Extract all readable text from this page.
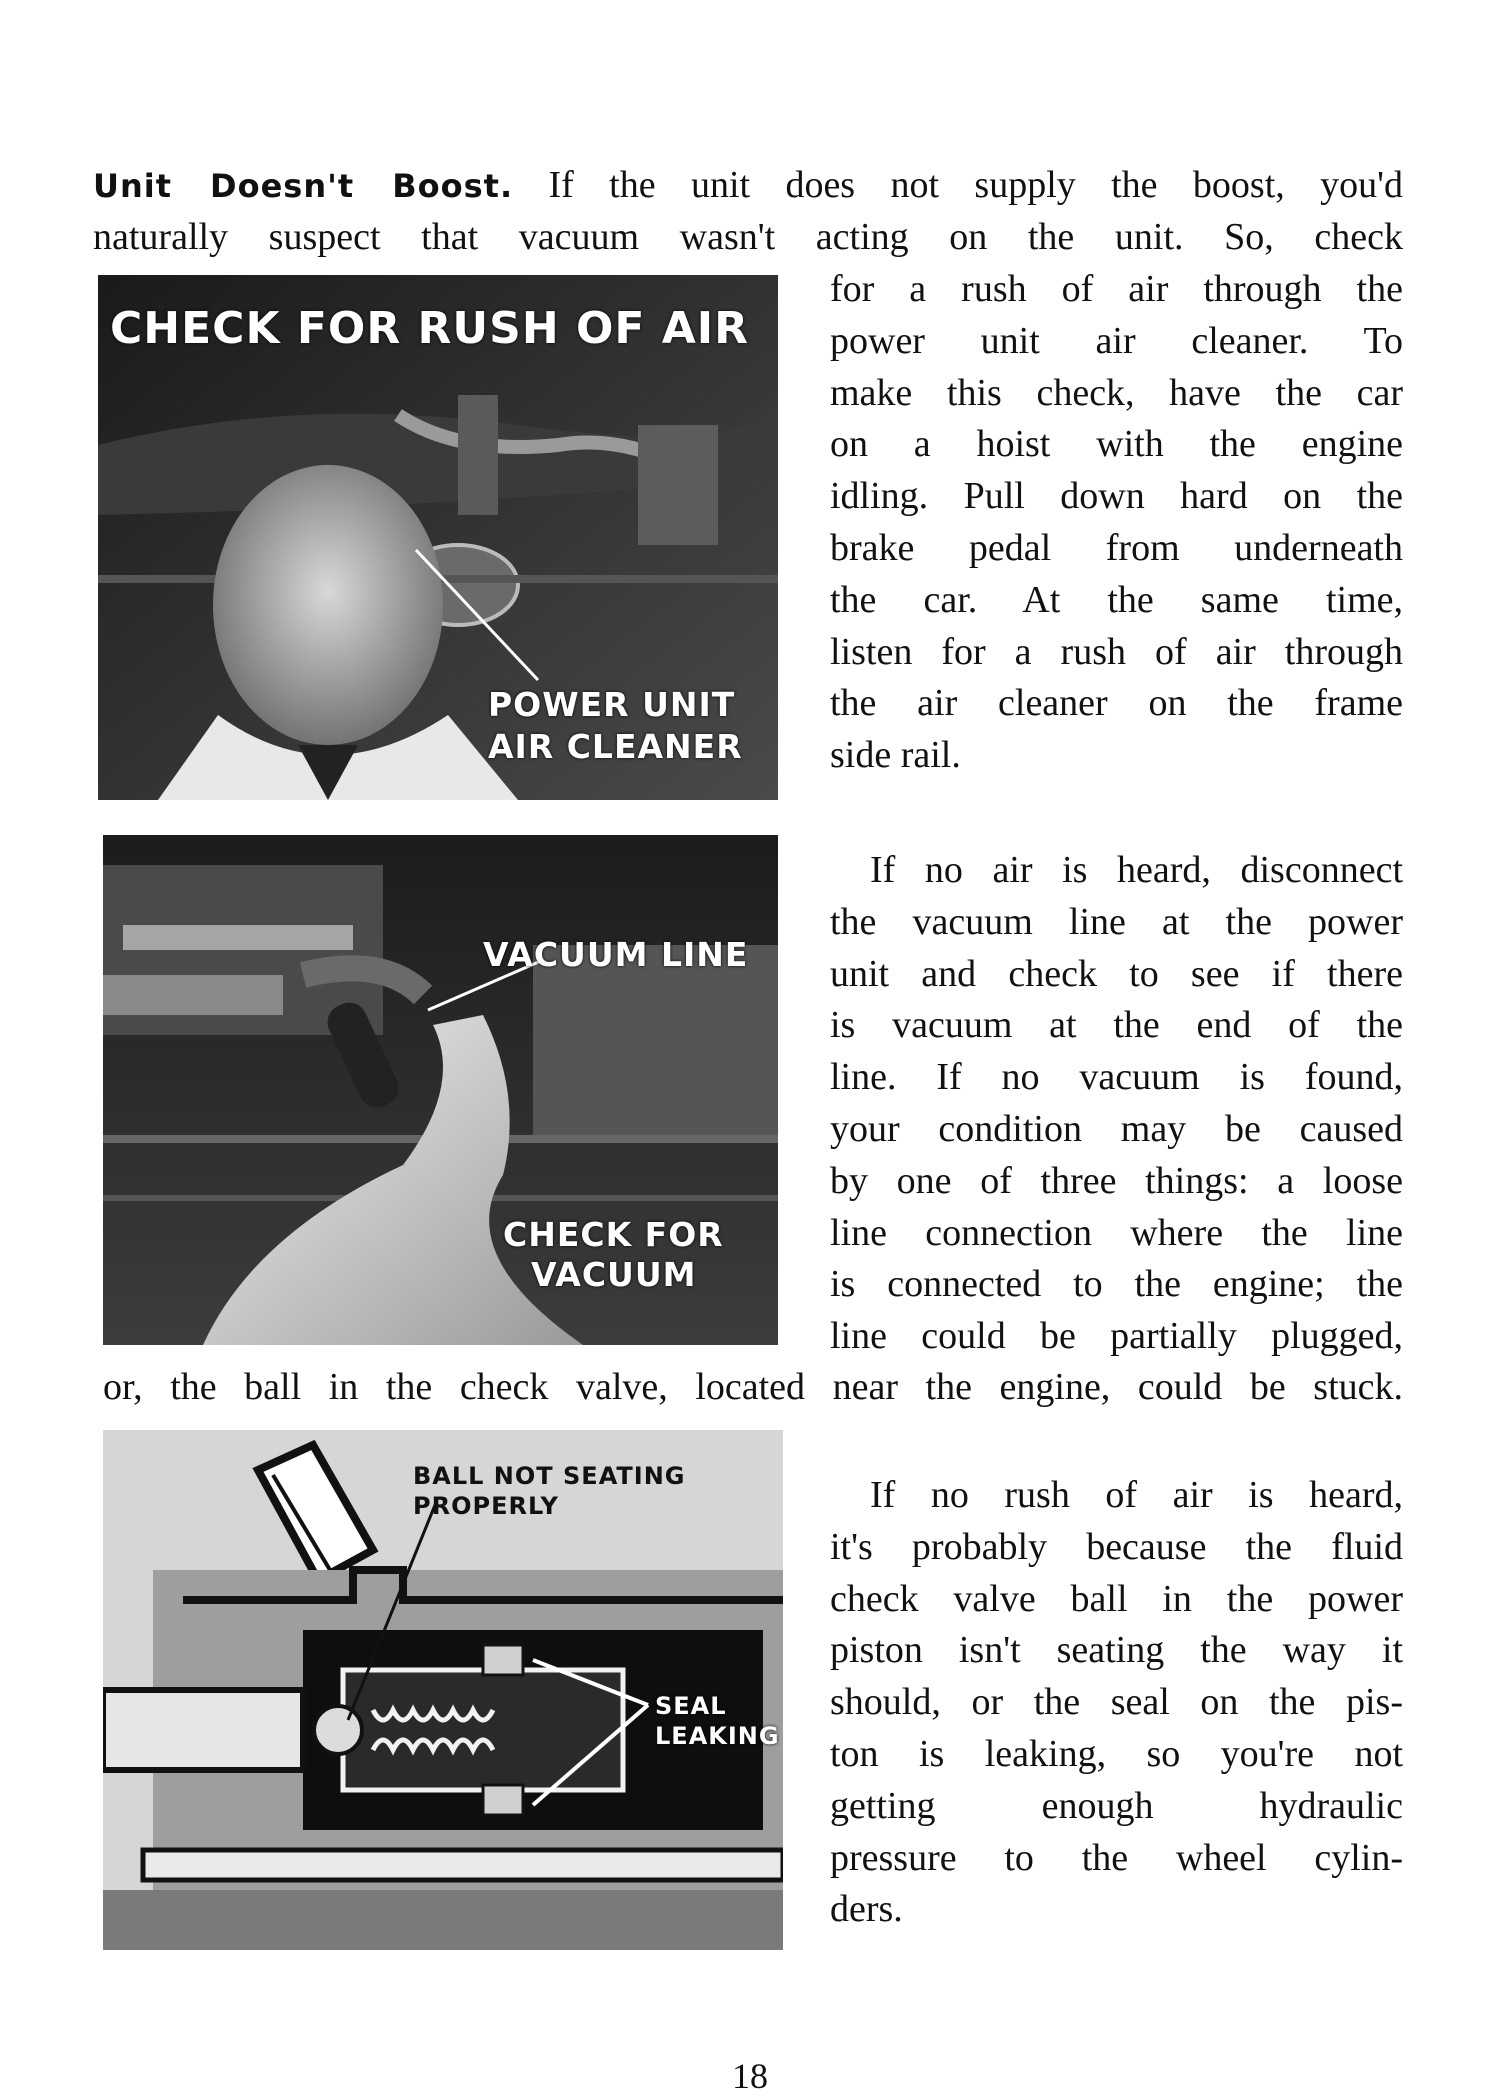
Unit Doesn't Boost. If the unit does not supply the boost, you'd
naturally suspect that vacuum wasn't acting on the unit. So, check
CHECK FOR RUSH OF AIR
POWER UNIT
AIR CLEANER
for a rush of air through the
power unit air cleaner. To
make this check, have the car
on a hoist with the engine
idling. Pull down hard on the
brake pedal from underneath
the car. At the same time,
listen for a rush of air through
the air cleaner on the frame
side rail.
VACUUM LINE
CHECK FOR
VACUUM
If no air is heard, disconnect
the vacuum line at the power
unit and check to see if there
is vacuum at the end of the
line. If no vacuum is found,
your condition may be caused
by one of three things: a loose
line connection where the line
is connected to the engine; the
line could be partially plugged,
or, the ball in the check valve, located near the engine, could be stuck.
BALL NOT SEATING
PROPERLY
SEAL
LEAKING
If no rush of air is heard,
it's probably because the fluid
check valve ball in the power
piston isn't seating the way it
should, or the seal on the pis-
ton is leaking, so you're not
getting enough hydraulic
pressure to the wheel cylin-
ders.
18
